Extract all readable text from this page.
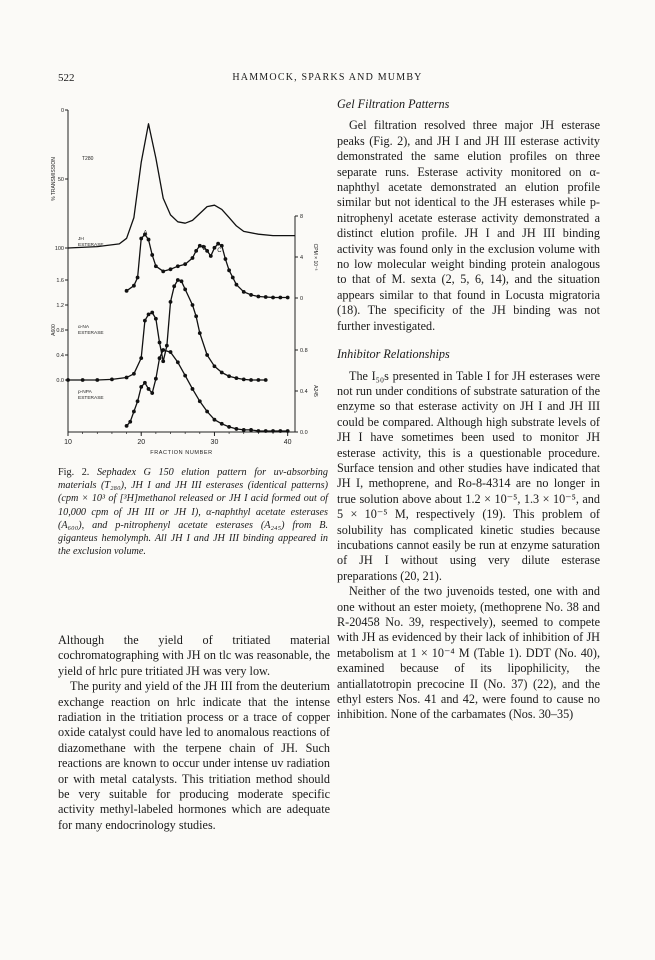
522	HAMMOCK, SPARKS AND MUMBY
10	20	30	40
FRACTION NUMBER
0
50
100
% TRANSMISSION	T280
0
4
8
CPM × 10⁻³
JH
ESTERASE
A
B C
0.0
0.4
0.8
1.2
1.6
A600	α-NA
ESTERASE
0.0
0.4
0.8
A245
p-NPA
ESTERASE
Fig. 2. Sephadex G 150 elution pattern for uv-absorbing materials (T₂₈₀), JH I and JH III esterases (identical patterns) (cpm × 10³ of [³H]methanol released or JH I acid formed out of 10,000 cpm of JH III or JH I), α-naphthyl acetate esterases (A₆₀₀), and p-nitrophenyl acetate esterases (A₂₄₅) from B. giganteus hemolymph. All JH I and JH III binding appeared in the exclusion volume.

Although the yield of tritiated material cochromatographing with JH on tlc was reasonable, the yield of hrlc pure tritiated JH was very low.

The purity and yield of the JH III from the deuterium exchange reaction on hrlc indicate that the intense radiation in the tritiation process or a trace of copper oxide catalyst could have led to anomalous reactions of diazomethane with the terpene chain of JH. Such reactions are known to occur under intense uv radiation or with metal catalysts. This tritiation method should be very suitable for producing moderate specific activity methyl-labeled hormones which are adequate for many endocrinology studies.

Gel Filtration Patterns

Gel filtration resolved three major JH esterase peaks (Fig. 2), and JH I and JH III esterase activity demonstrated the same elution profiles on three separate runs. Esterase activity monitored on α-naphthyl acetate demonstrated an elution profile similar but not identical to the JH esterases while p-nitrophenyl acetate esterase activity demonstrated a distinct elution profile. JH I and JH III binding activity was found only in the exclusion volume with no low molecular weight binding protein analogous to that of M. sexta (2, 5, 6, 14), and the situation appears similar to that found in Locusta migratoria (18). The specificity of the JH binding was not further investigated.

Inhibitor Relationships

The I₅₀s presented in Table I for JH esterases were not run under conditions of substrate saturation of the enzyme so that esterase activity on JH I and JH III could be compared. Although high substrate levels of JH I have sometimes been used to monitor JH esterase activity, this is a questionable procedure. Surface tension and other studies have indicated that JH I, methoprene, and Ro-8-4314 are no longer in true solution above about 1.2 × 10⁻⁵, 1.3 × 10⁻⁵, and 5 × 10⁻⁵ M, respectively (19). This problem of solubility has complicated kinetic studies because incubations cannot easily be run at enzyme saturation of JH I without using very dilute esterase preparations (20, 21).

Neither of the two juvenoids tested, one with and one without an ester moiety, (methoprene No. 38 and R-20458 No. 39, respectively), seemed to compete with JH as evidenced by their lack of inhibition of JH metabolism at 1 × 10⁻⁴ M (Table 1). DDT (No. 40), examined because of its lipophilicity, the antiallatotropin precocine II (No. 37) (22), and the ethyl esters Nos. 41 and 42, were found to cause no inhibition. None of the carbamates (Nos. 30–35)
